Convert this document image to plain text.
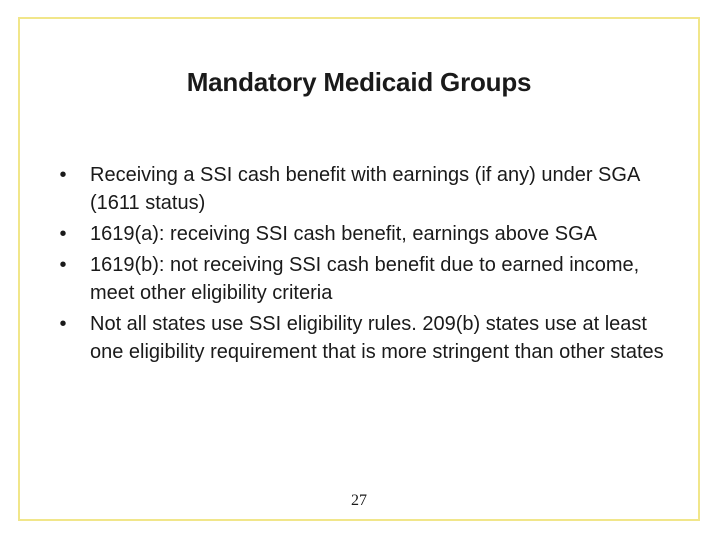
Mandatory Medicaid Groups
• Receiving a SSI cash benefit with earnings (if any) under SGA (1611 status)
• 1619(a): receiving SSI cash benefit, earnings above SGA
• 1619(b): not receiving SSI cash benefit due to earned income, meet other eligibility criteria
• Not all states use SSI eligibility rules. 209(b) states use at least one eligibility requirement that is more stringent than other states
27
